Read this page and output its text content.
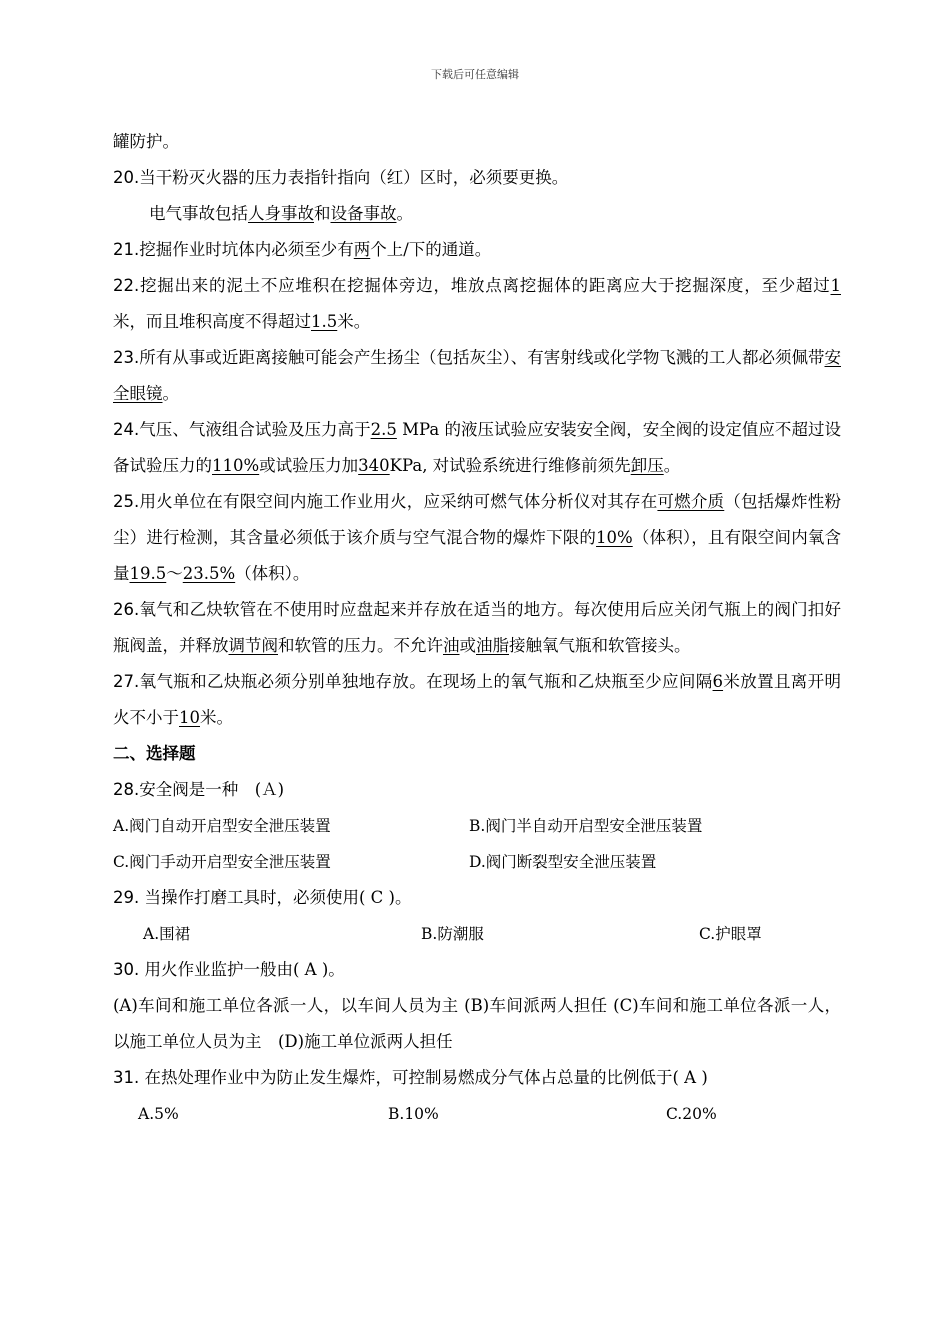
下载后可任意编辑

罐防护。

20.当干粉灭火器的压力表指针指向（红）区时，必须要更换。

电气事故包括人身事故和设备事故。

21.挖掘作业时坑体内必须至少有两个上/下的通道。

22.挖掘出来的泥土不应堆积在挖掘体旁边，堆放点离挖掘体的距离应大于挖掘深度，至少超过1米，而且堆积高度不得超过1.5米。

23.所有从事或近距离接触可能会产生扬尘（包括灰尘）、有害射线或化学物飞溅的工人都必须佩带安全眼镜。

24.气压、气液组合试验及压力高于2.5 MPa 的液压试验应安装安全阀，安全阀的设定值应不超过设备试验压力的110%或试验压力加340KPa, 对试验系统进行维修前须先卸压。

25.用火单位在有限空间内施工作业用火，应采纳可燃气体分析仪对其存在可燃介质（包括爆炸性粉尘）进行检测，其含量必须低于该介质与空气混合物的爆炸下限的10%（体积），且有限空间内氧含量19.5～23.5%（体积）。

26.氧气和乙炔软管在不使用时应盘起来并存放在适当的地方。每次使用后应关闭气瓶上的阀门扣好瓶阀盖，并释放调节阀和软管的压力。不允许油或油脂接触氧气瓶和软管接头。

27.氧气瓶和乙炔瓶必须分别单独地存放。在现场上的氧气瓶和乙炔瓶至少应间隔6米放置且离开明火不小于10米。

二、选择题

28.安全阀是一种　(Ａ)

A.阀门自动开启型安全泄压装置	B.阀门半自动开启型安全泄压装置
C.阀门手动开启型安全泄压装置	D.阀门断裂型安全泄压装置

29. 当操作打磨工具时，必须使用( C )。

A.围裙	B.防潮服	C.护眼罩

30. 用火作业监护一般由( A )。

(A)车间和施工单位各派一人，以车间人员为主 (B)车间派两人担任 (C)车间和施工单位各派一人，以施工单位人员为主　(D)施工单位派两人担任

31. 在热处理作业中为防止发生爆炸，可控制易燃成分气体占总量的比例低于( A )

A.5%	B.10%	C.20%
